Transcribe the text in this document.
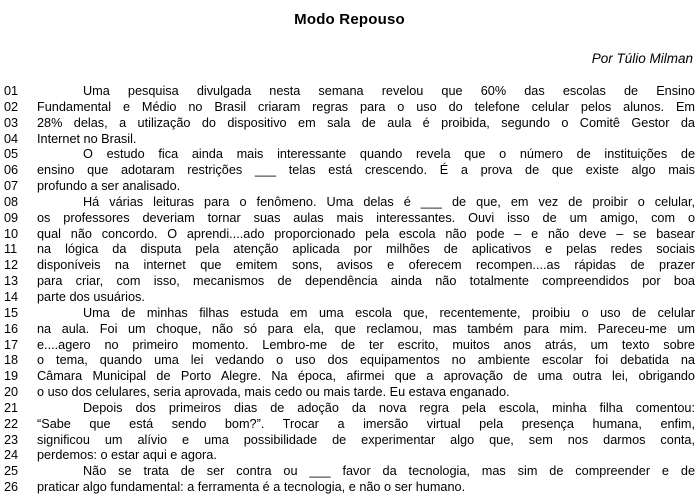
Modo Repouso
Por Túlio Milman
01	Uma pesquisa divulgada nesta semana revelou que 60% das escolas de Ensino
02	Fundamental e Médio no Brasil criaram regras para o uso do telefone celular pelos alunos. Em
03	28% delas, a utilização do dispositivo em sala de aula é proibida, segundo o Comitê Gestor da
04	Internet no Brasil.
05	O estudo fica ainda mais interessante quando revela que o número de instituições de
06	ensino que adotaram restrições ___ telas está crescendo. É a prova de que existe algo mais
07	profundo a ser analisado.
08	Há várias leituras para o fenômeno. Uma delas é ___ de que, em vez de proibir o celular,
09	os professores deveriam tornar suas aulas mais interessantes. Ouvi isso de um amigo, com o
10	qual não concordo. O aprendi....ado proporcionado pela escola não pode – e não deve – se basear
11	na lógica da disputa pela atenção aplicada por milhões de aplicativos e pelas redes sociais
12	disponíveis na internet que emitem sons, avisos e oferecem recompen....as rápidas de prazer
13	para criar, com isso, mecanismos de dependência ainda não totalmente compreendidos por boa
14	parte dos usuários.
15	Uma de minhas filhas estuda em uma escola que, recentemente, proibiu o uso de celular
16	na aula. Foi um choque, não só para ela, que reclamou, mas também para mim. Pareceu-me um
17	e....agero no primeiro momento. Lembro-me de ter escrito, muitos anos atrás, um texto sobre
18	o tema, quando uma lei vedando o uso dos equipamentos no ambiente escolar foi debatida na
19	Câmara Municipal de Porto Alegre. Na época, afirmei que a aprovação de uma outra lei, obrigando
20	o uso dos celulares, seria aprovada, mais cedo ou mais tarde. Eu estava enganado.
21	Depois dos primeiros dias de adoção da nova regra pela escola, minha filha comentou:
22	“Sabe que está sendo bom?”. Trocar a imersão virtual pela presença humana, enfim,
23	significou um alívio e uma possibilidade de experimentar algo que, sem nos darmos conta,
24	perdemos: o estar aqui e agora.
25	Não se trata de ser contra ou ___ favor da tecnologia, mas sim de compreender e de
26	praticar algo fundamental: a ferramenta é a tecnologia, e não o ser humano.
